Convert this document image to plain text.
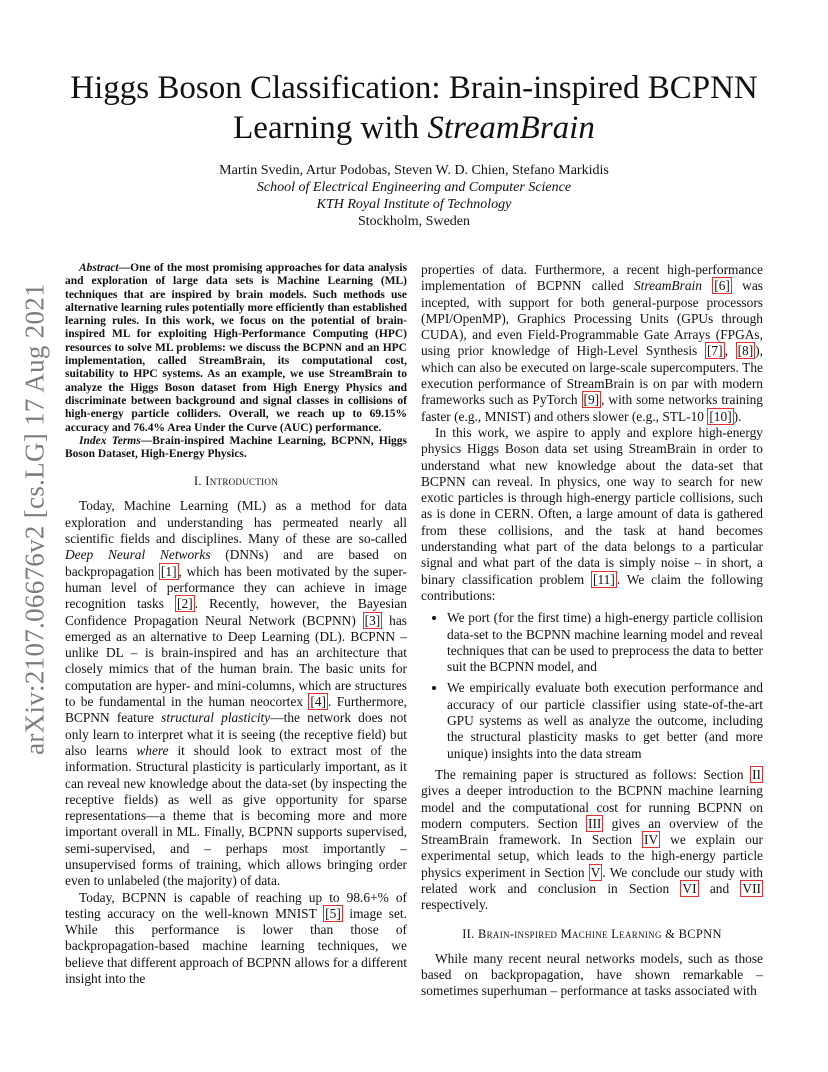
arXiv:2107.06676v2 [cs.LG] 17 Aug 2021
Higgs Boson Classification: Brain-inspired BCPNN
Learning with StreamBrain
Martin Svedin, Artur Podobas, Steven W. D. Chien, Stefano Markidis
School of Electrical Engineering and Computer Science
KTH Royal Institute of Technology
Stockholm, Sweden

Abstract—One of the most promising approaches for data analysis and exploration of large data sets is Machine Learning (ML) techniques that are inspired by brain models. Such methods use alternative learning rules potentially more efficiently than established learning rules. In this work, we focus on the potential of brain-inspired ML for exploiting High-Performance Computing (HPC) resources to solve ML problems: we discuss the BCPNN and an HPC implementation, called StreamBrain, its computational cost, suitability to HPC systems. As an example, we use StreamBrain to analyze the Higgs Boson dataset from High Energy Physics and discriminate between background and signal classes in collisions of high-energy particle colliders. Overall, we reach up to 69.15% accuracy and 76.4% Area Under the Curve (AUC) performance.

Index Terms—Brain-inspired Machine Learning, BCPNN, Higgs Boson Dataset, High-Energy Physics.

I. Introduction

Today, Machine Learning (ML) as a method for data exploration and understanding has permeated nearly all scientific fields and disciplines. Many of these are so-called Deep Neural Networks (DNNs) and are based on backpropagation [1] , which has been motivated by the super-human level of performance they can achieve in image recognition tasks [2] . Recently, however, the Bayesian Confidence Propagation Neural Network (BCPNN) [3] has emerged as an alternative to Deep Learning (DL). BCPNN – unlike DL – is brain-inspired and has an architecture that closely mimics that of the human brain. The basic units for computation are hyper- and mini-columns, which are structures to be fundamental in the human neocortex [4] . Furthermore, BCPNN feature structural plasticity—the network does not only learn to interpret what it is seeing (the receptive field) but also learns where it should look to extract most of the information. Structural plasticity is particularly important, as it can reveal new knowledge about the data-set (by inspecting the receptive fields) as well as give opportunity for sparse representations—a theme that is becoming more and more important overall in ML. Finally, BCPNN supports supervised, semi-supervised, and – perhaps most importantly – unsupervised forms of training, which allows bringing order even to unlabeled (the majority) of data.

Today, BCPNN is capable of reaching up to 98.6+% of testing accuracy on the well-known MNIST [5] image set. While this performance is lower than those of backpropagation-based machine learning techniques, we believe that different approach of BCPNN allows for a different insight into the

properties of data. Furthermore, a recent high-performance implementation of BCPNN called StreamBrain [6] was incepted, with support for both general-purpose processors (MPI/OpenMP), Graphics Processing Units (GPUs through CUDA), and even Field-Programmable Gate Arrays (FPGAs, using prior knowledge of High-Level Synthesis [7] , [8] ), which can also be executed on large-scale supercomputers. The execution performance of StreamBrain is on par with modern frameworks such as PyTorch [9] , with some networks training faster (e.g., MNIST) and others slower (e.g., STL-10 [10] ).

In this work, we aspire to apply and explore high-energy physics Higgs Boson data set using StreamBrain in order to understand what new knowledge about the data-set that BCPNN can reveal. In physics, one way to search for new exotic particles is through high-energy particle collisions, such as is done in CERN. Often, a large amount of data is gathered from these collisions, and the task at hand becomes understanding what part of the data belongs to a particular signal and what part of the data is simply noise – in short, a binary classification problem [11] . We claim the following contributions:

• We port (for the first time) a high-energy particle collision data-set to the BCPNN machine learning model and reveal techniques that can be used to preprocess the data to better suit the BCPNN model, and
• We empirically evaluate both execution performance and accuracy of our particle classifier using state-of-the-art GPU systems as well as analyze the outcome, including the structural plasticity masks to get better (and more unique) insights into the data stream

The remaining paper is structured as follows: Section II gives a deeper introduction to the BCPNN machine learning model and the computational cost for running BCPNN on modern computers. Section III gives an overview of the StreamBrain framework. In Section IV we explain our experimental setup, which leads to the high-energy particle physics experiment in Section V . We conclude our study with related work and conclusion in Section VI and VII respectively.

II. Brain-inspired Machine Learning & BCPNN

While many recent neural networks models, such as those based on backpropagation, have shown remarkable – sometimes superhuman – performance at tasks associated with
